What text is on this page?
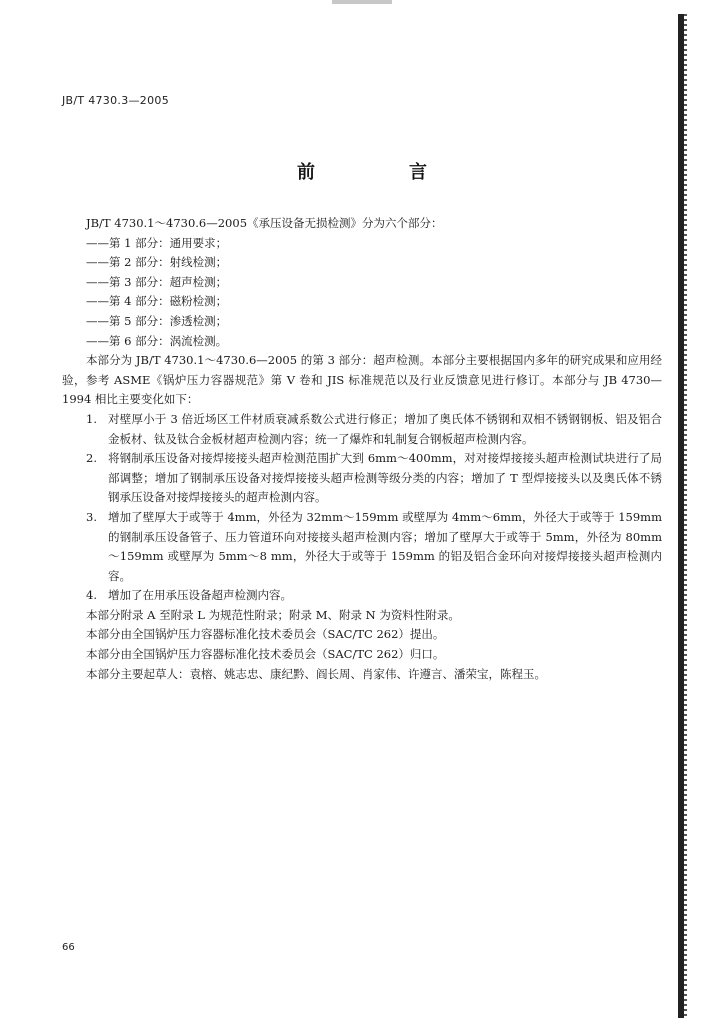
JB/T 4730.3—2005
前　言

JB/T 4730.1～4730.6—2005《承压设备无损检测》分为六个部分：

——第 1 部分：通用要求；

——第 2 部分：射线检测；

——第 3 部分：超声检测；

——第 4 部分：磁粉检测；

——第 5 部分：渗透检测；

——第 6 部分：涡流检测。

本部分为 JB/T 4730.1～4730.6—2005 的第 3 部分：超声检测。本部分主要根据国内多年的研究成果和应用经验，参考 ASME《锅炉压力容器规范》第 V 卷和 JIS 标准规范以及行业反馈意见进行修订。本部分与 JB 4730—1994 相比主要变化如下：

1. 对壁厚小于 3 倍近场区工件材质衰减系数公式进行修正；增加了奥氏体不锈钢和双相不锈钢钢板、铝及铝合金板材、钛及钛合金板材超声检测内容；统一了爆炸和轧制复合钢板超声检测内容。
2. 将钢制承压设备对接焊接接头超声检测范围扩大到 6mm～400mm，对对接焊接接头超声检测试块进行了局部调整；增加了钢制承压设备对接焊接接头超声检测等级分类的内容；增加了 T 型焊接接头以及奥氏体不锈钢承压设备对接焊接接头的超声检测内容。
3. 增加了壁厚大于或等于 4mm，外径为 32mm～159mm 或壁厚为 4mm～6mm，外径大于或等于 159mm 的钢制承压设备管子、压力管道环向对接接头超声检测内容；增加了壁厚大于或等于 5mm，外径为 80mm～159mm 或壁厚为 5mm～8 mm，外径大于或等于 159mm 的铝及铝合金环向对接焊接接头超声检测内容。
4. 增加了在用承压设备超声检测内容。

本部分附录 A 至附录 L 为规范性附录；附录 M、附录 N 为资料性附录。

本部分由全国锅炉压力容器标准化技术委员会（SAC/TC 262）提出。

本部分由全国锅炉压力容器标准化技术委员会（SAC/TC 262）归口。

本部分主要起草人：袁榕、姚志忠、康纪黔、阎长周、肖家伟、许遵言、潘荣宝，陈程玉。

66
